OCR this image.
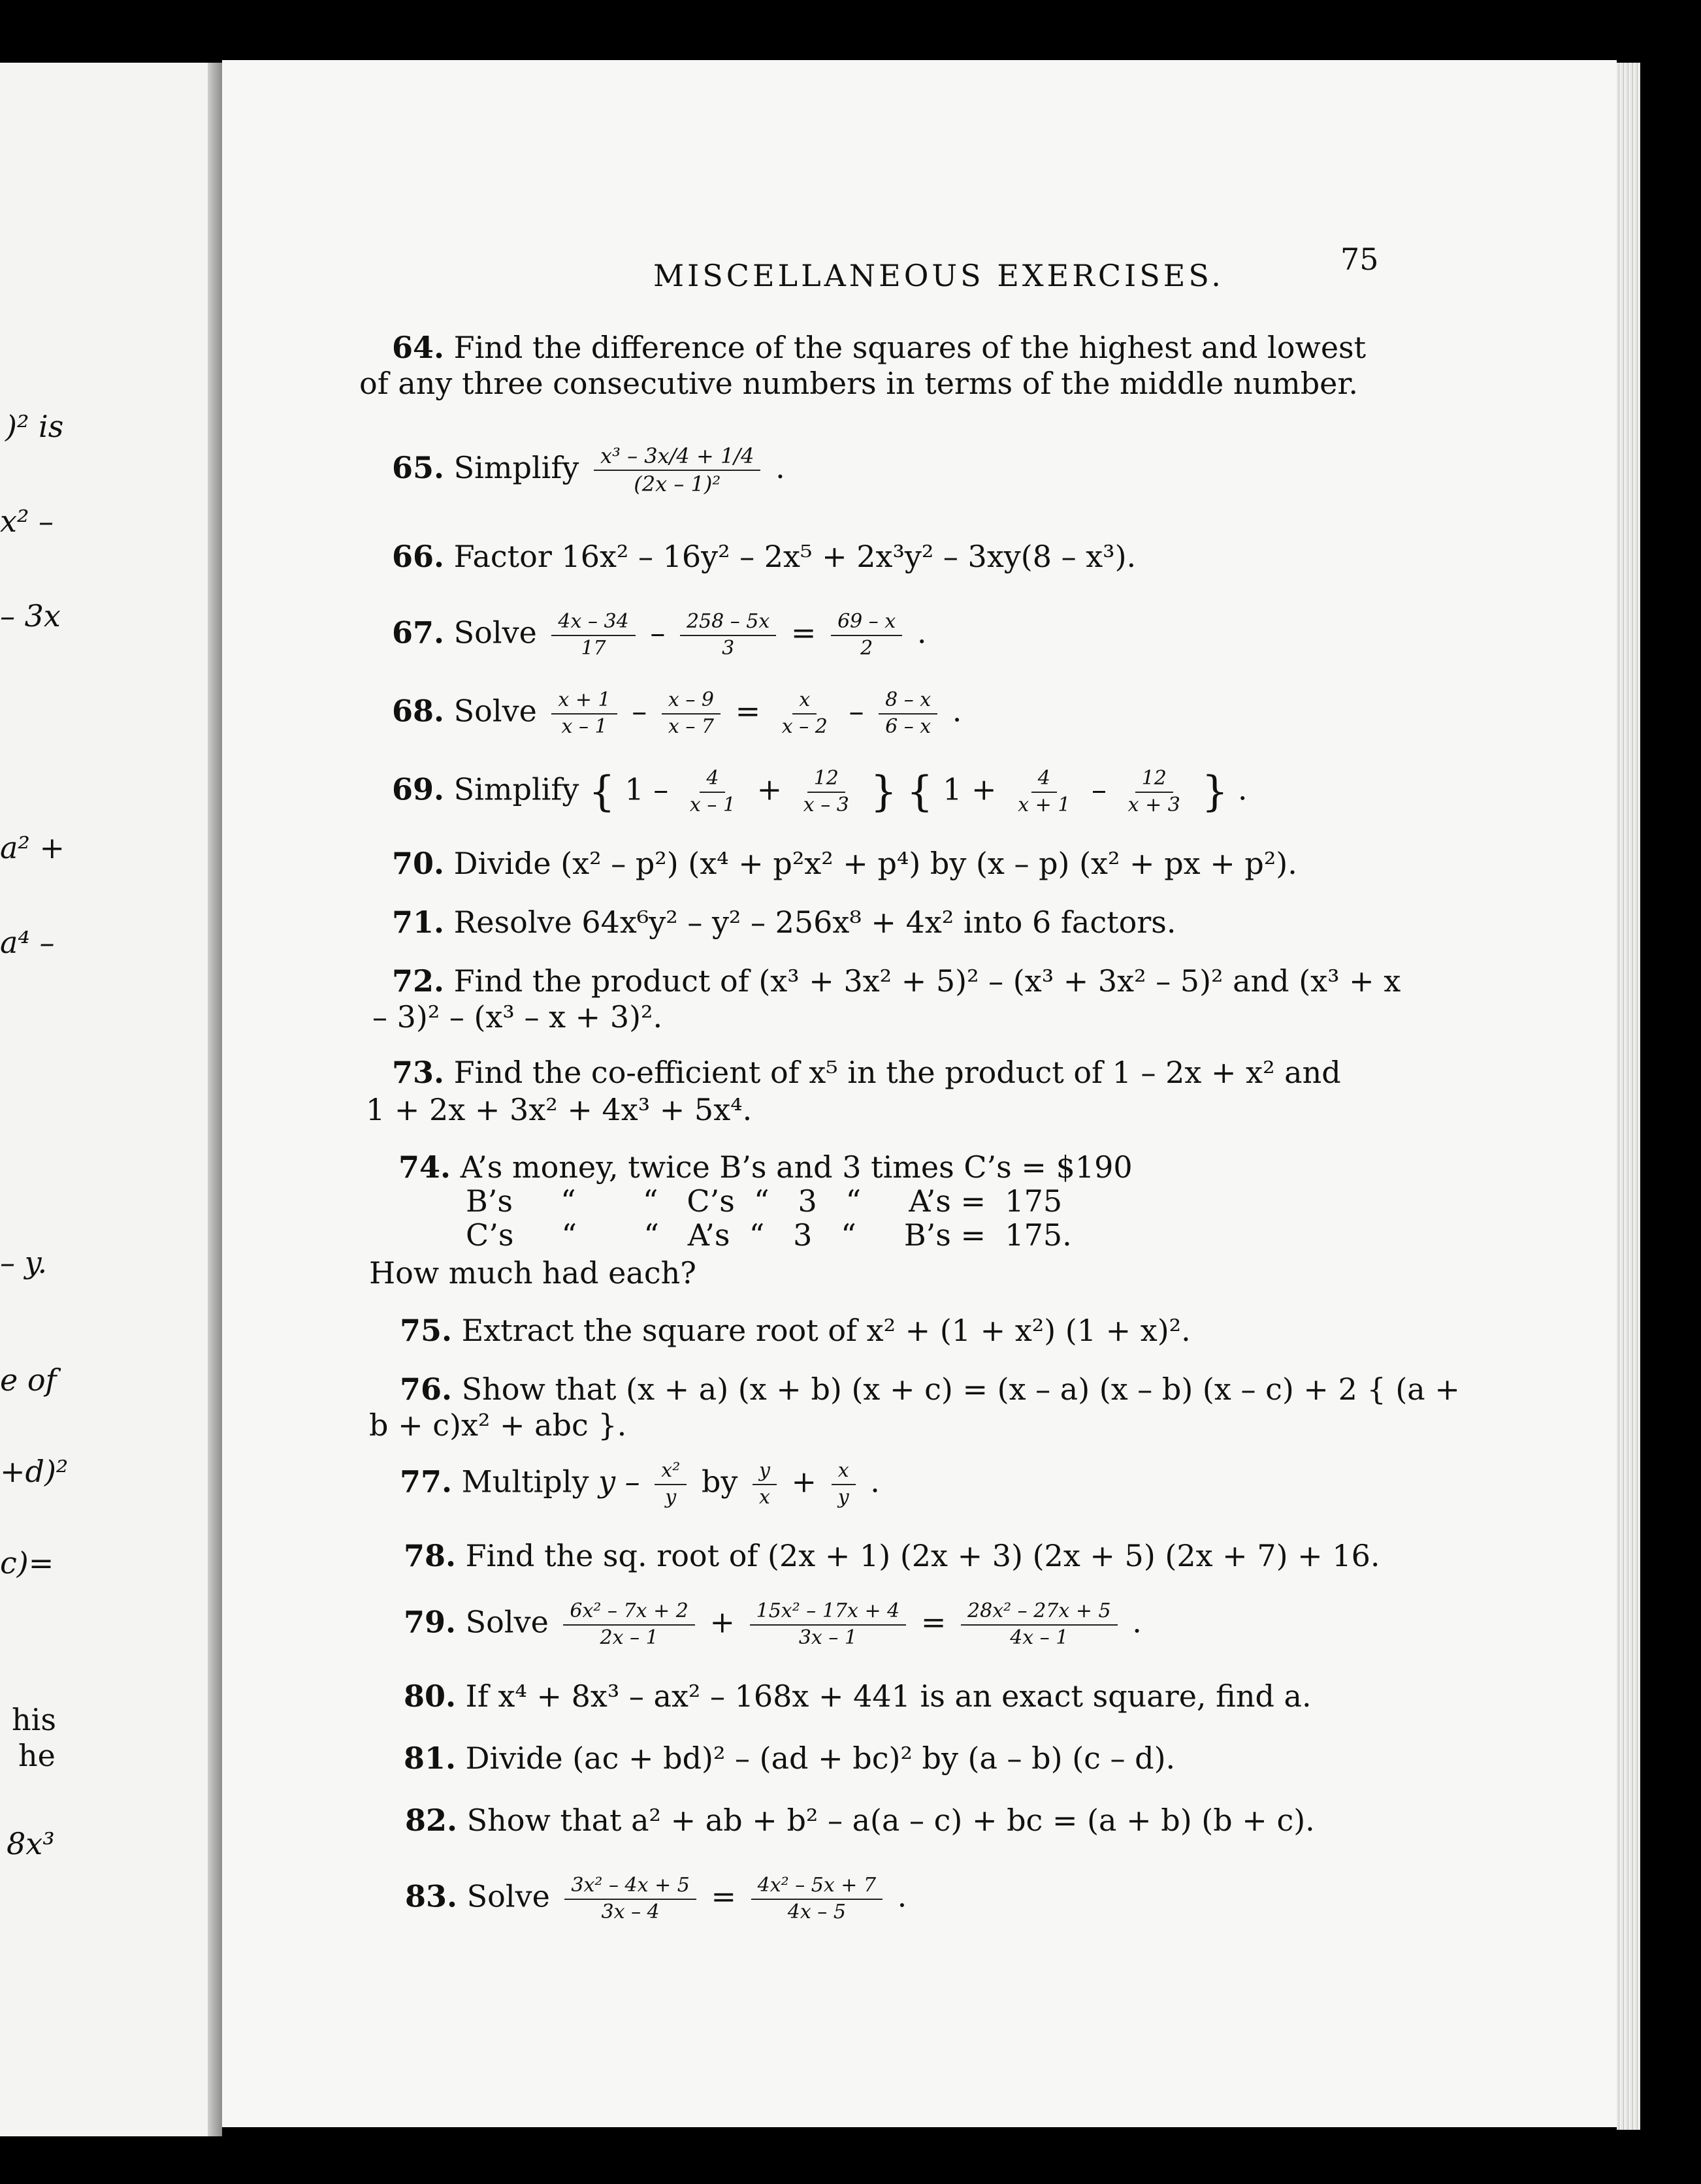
)² is
x² –
– 3x
a² +
a⁴ –
– y.
e of
+d)²
c)=
his
he
8x³
MISCELLANEOUS EXERCISES.	75
64. Find the difference of the squares of the highest and lowest
of any three consecutive numbers in terms of the middle number.
65. Simplify $\frac{\text{x³ – 3x/4 + 1/4}}{\text{(2x – 1)²}}$ .
66. Factor 16x² – 16y² – 2x⁵ + 2x³y² – 3xy(8 – x³).
67. Solve $\frac{4x - 34}{17} - \frac{258 - 5x}{3} = \frac{69 - x}{2}$ .
68. Solve $\frac{x + 1}{x - 1} - \frac{x - 9}{x - 7} = \frac{x}{x - 2} - \frac{8 - x}{6 - x}$ .
69. Simplify { $1 - \frac{4}{x - 1} + \frac{12}{x - 3}$ } { $1 + \frac{4}{x + 1} - \frac{12}{x + 3}$ } .
70. Divide (x² – p²) (x⁴ + p²x² + p⁴) by (x – p) (x² + px + p²).
71. Resolve 64x⁶y² – y² – 256x⁸ + 4x² into 6 factors.
72. Find the product of (x³ + 3x² + 5)² – (x³ + 3x² – 5)² and (x³ + x
– 3)² – (x³ – x + 3)².
73. Find the co-efficient of x⁵ in the product of 1 – 2x + x² and
1 + 2x + 3x² + 4x³ + 5x⁴.
74. A’s money, twice B’s and 3 times C’s = $190
B’s     “       “   C’s  “   3   “     A’s =  175
C’s     “       “   A’s  “   3   “     B’s =  175.
How much had each?
75. Extract the square root of x² + (1 + x²) (1 + x)².
76. Show that (x + a) (x + b) (x + c) = (x – a) (x – b) (x – c) + 2 { (a +
b + c)x² + abc }.
77. Multiply y – $\frac{\text{x²}}{y}$ by $\frac{y}{x} + \frac{x}{y}$ .
78. Find the sq. root of (2x + 1) (2x + 3) (2x + 5) (2x + 7) + 16.
79. Solve $\frac{\text{6x² – 7x + 2}}{2x - 1} + \frac{\text{15x² – 17x + 4}}{3x - 1} = \frac{\text{28x² – 27x + 5}}{4x - 1}$ .
80. If x⁴ + 8x³ – ax² – 168x + 441 is an exact square, find a.
81. Divide (ac + bd)² – (ad + bc)² by (a – b) (c – d).
82. Show that a² + ab + b² – a(a – c) + bc = (a + b) (b + c).
83. Solve $\frac{\text{3x² – 4x + 5}}{3x - 4} = \frac{\text{4x² – 5x + 7}}{4x - 5}$ .
